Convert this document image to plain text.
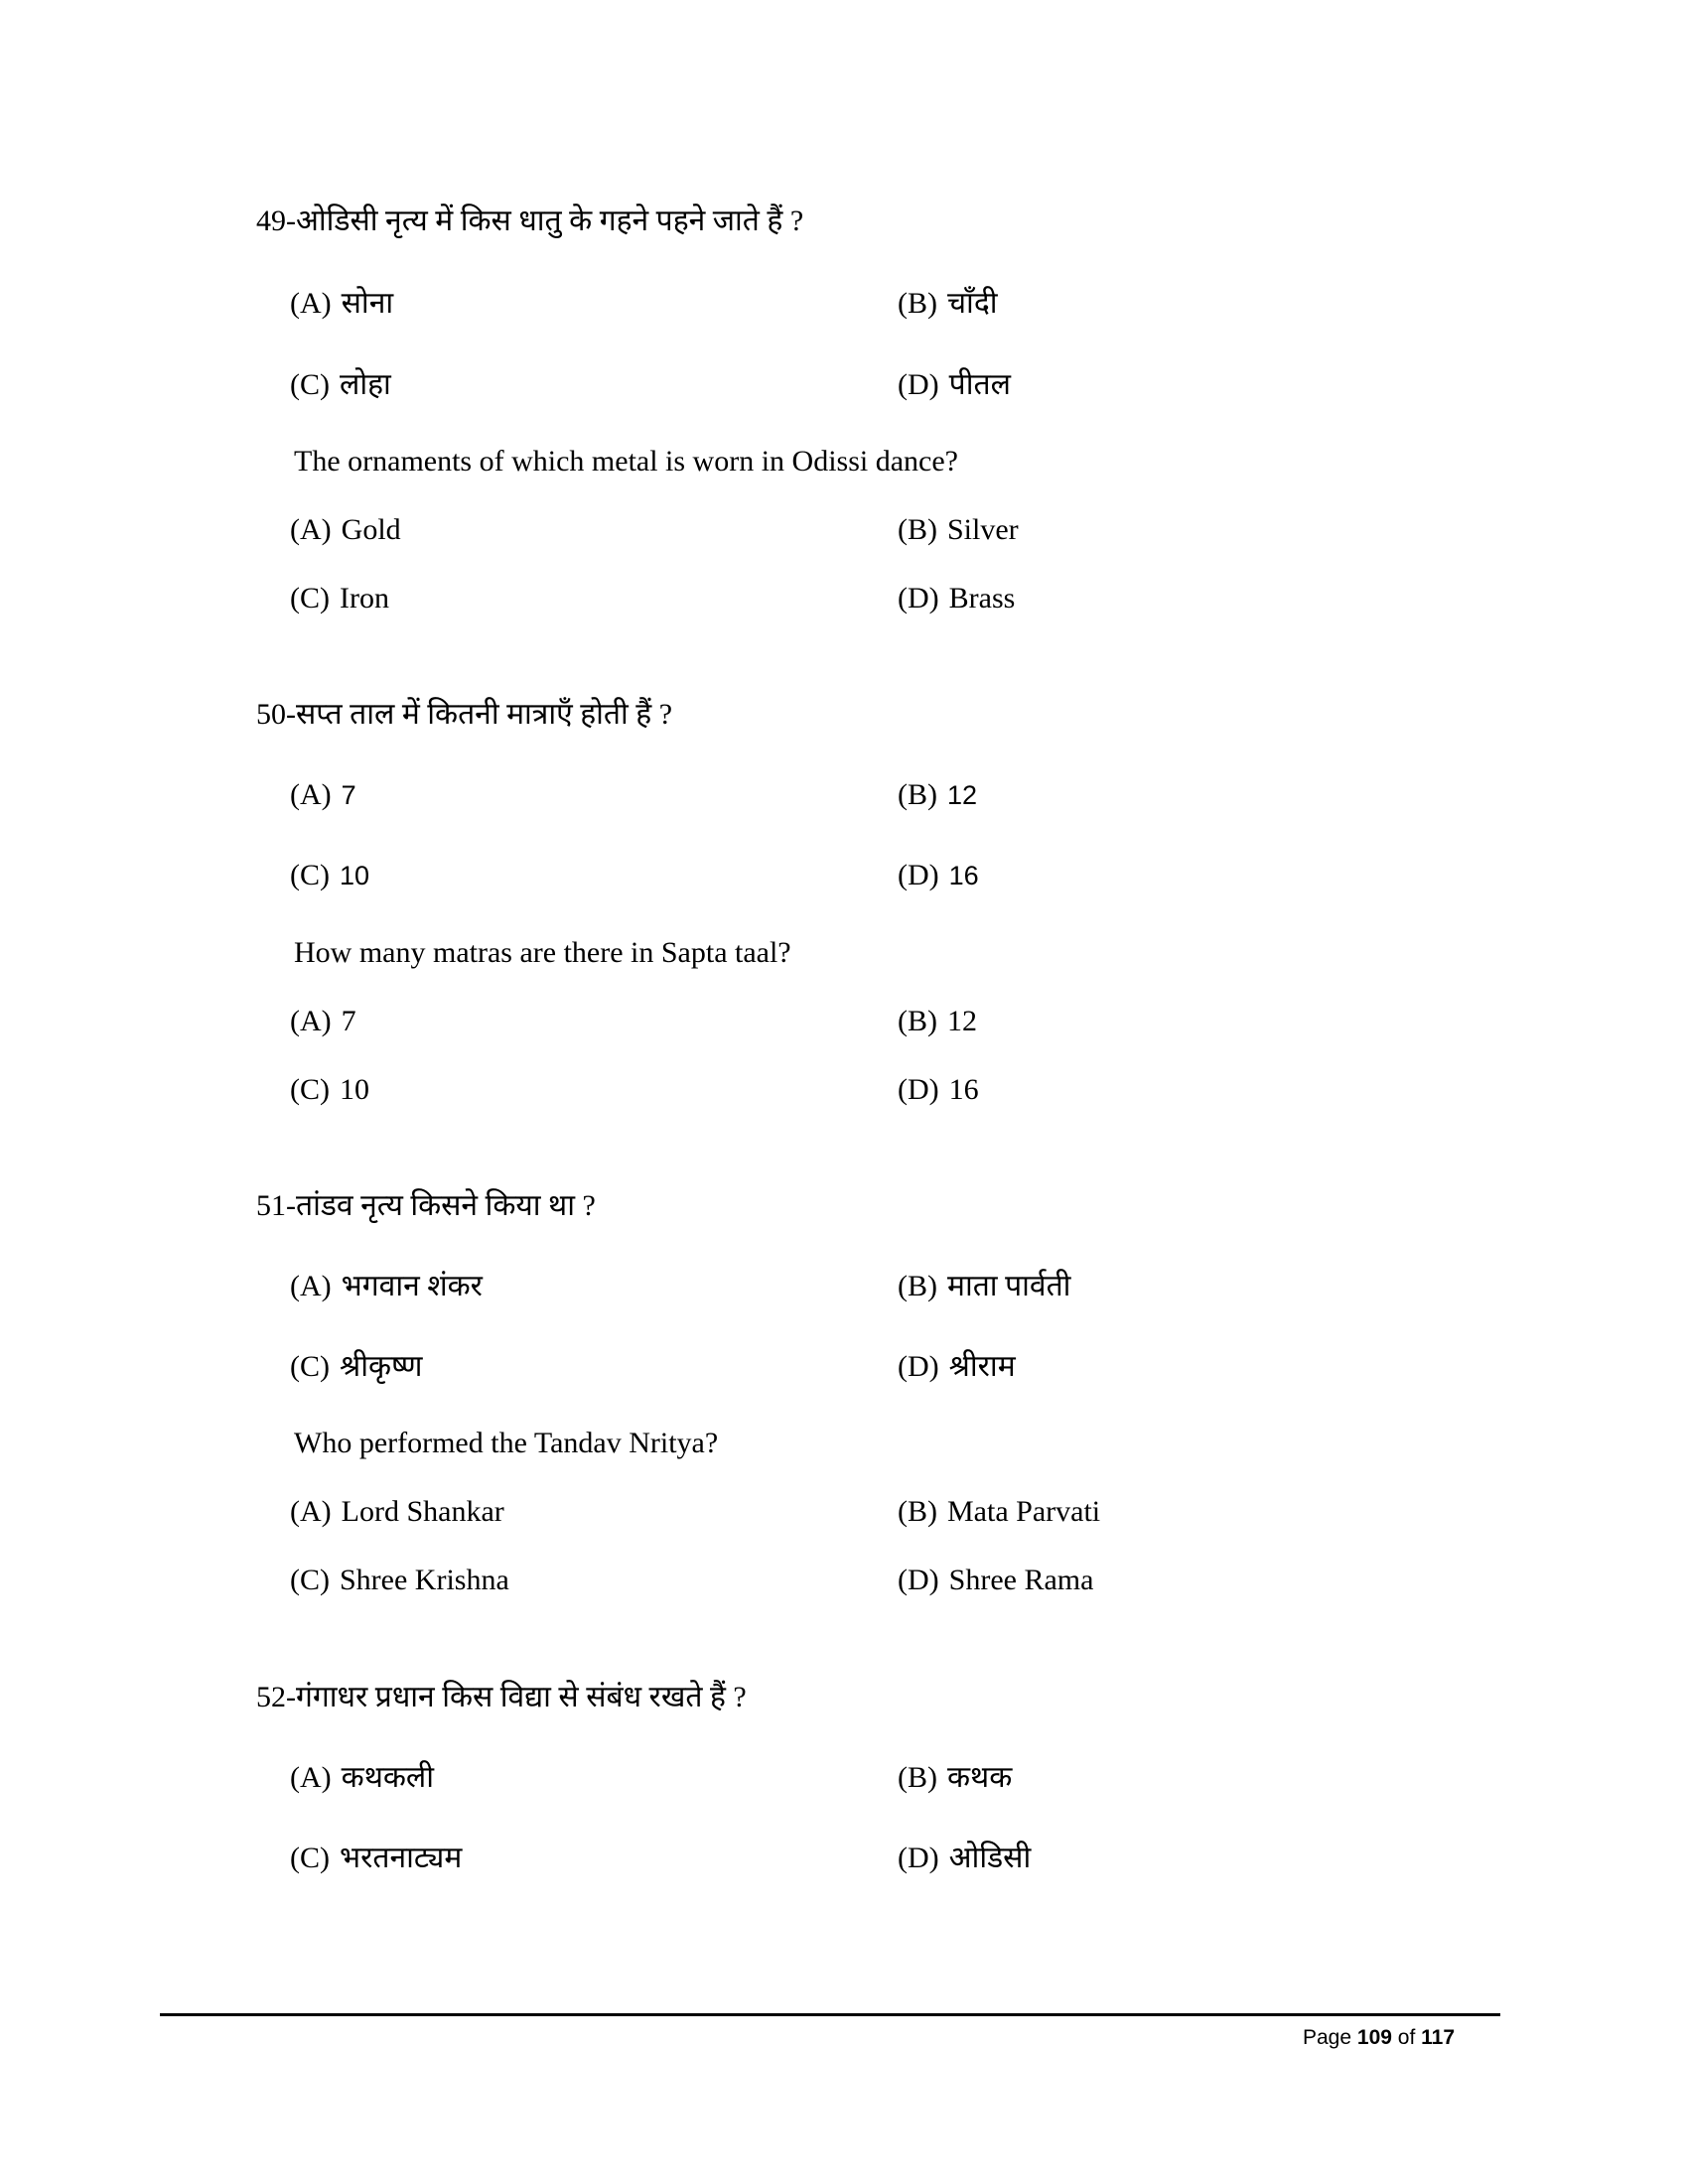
49-ओडिसी नृत्य में किस धातु के गहने पहने जाते हैं ?
(A) सोना	(B) चाँदी
(C) लोहा	(D) पीतल
The ornaments of which metal is worn in Odissi dance?
(A) Gold	(B) Silver
(C) Iron	(D) Brass
50-सप्त ताल में कितनी मात्राएँ होती हैं ?
(A) 7	(B) 12
(C) 10	(D) 16
How many matras are there in Sapta taal?
(A) 7	(B) 12
(C) 10	(D) 16
51-तांडव नृत्य किसने किया था ?
(A) भगवान शंकर	(B) माता पार्वती
(C) श्रीकृष्ण	(D) श्रीराम
Who performed the Tandav Nritya?
(A) Lord Shankar	(B) Mata Parvati
(C) Shree Krishna	(D) Shree Rama
52-गंगाधर प्रधान किस विद्या से संबंध रखते हैं ?
(A) कथकली	(B) कथक
(C) भरतनाट्यम	(D) ओडिसी
Page 109 of 117
